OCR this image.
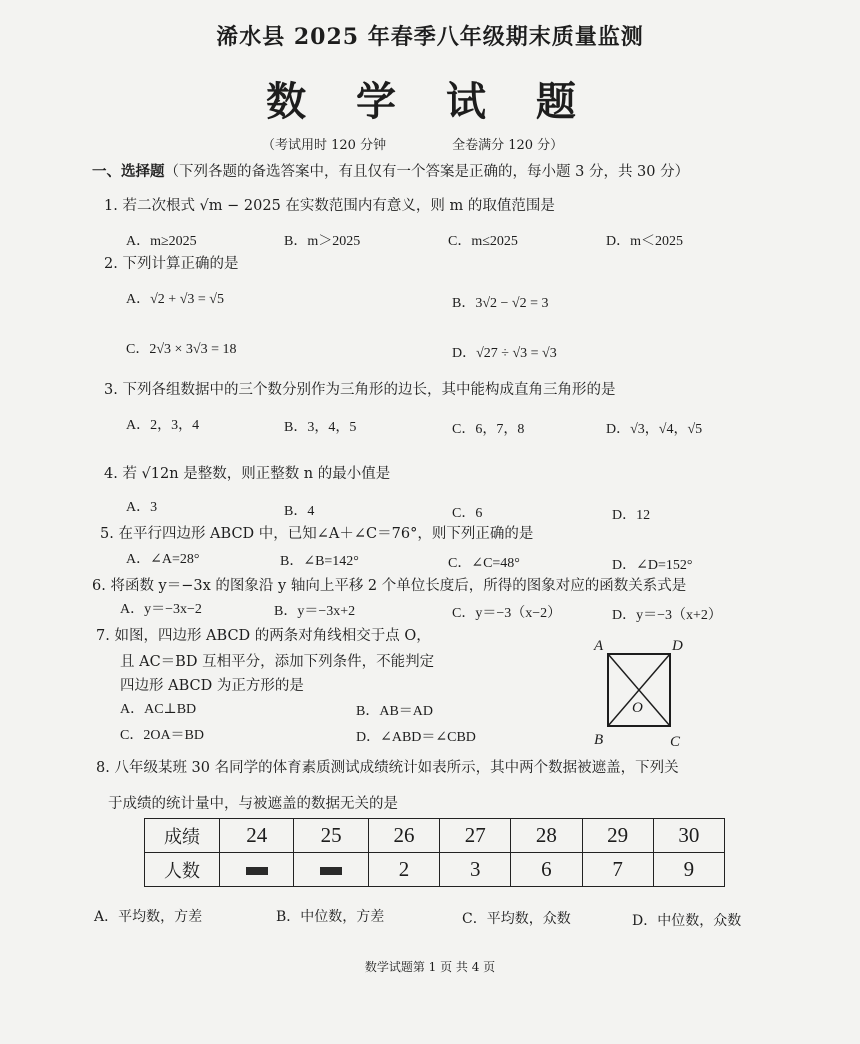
浠水县 2025 年春季八年级期末质量监测
数 学 试 题
（考试用时 120 分钟	全卷满分 120 分）
一、选择题（下列各题的备选答案中，有且仅有一个答案是正确的，每小题 3 分，共 30 分）
1. 若二次根式 √m − 2025 在实数范围内有意义，则 m 的取值范围是
A．m≥2025	B．m＞2025	C．m≤2025	D．m＜2025
2. 下列计算正确的是
A．√2 + √3 = √5	B．3√2 − √2 = 3
C．2√3 × 3√3 = 18	D．√27 ÷ √3 = √3
3. 下列各组数据中的三个数分别作为三角形的边长，其中能构成直角三角形的是
A．2，3，4	B．3，4，5	C．6，7，8	D．√3，√4，√5
4. 若 √12n 是整数，则正整数 n 的最小值是
A．3	B．4	C．6	D．12
5. 在平行四边形 ABCD 中，已知∠A＋∠C＝76°，则下列正确的是
A．∠A=28°	B．∠B=142°	C．∠C=48°	D．∠D=152°
6. 将函数 y＝−3x 的图象沿 y 轴向上平移 2 个单位长度后，所得的图象对应的函数关系式是
A．y＝−3x−2	B．y＝−3x+2	C．y＝−3（x−2）	D．y＝−3（x+2）
7. 如图，四边形 ABCD 的两条对角线相交于点 O，
且 AC＝BD 互相平分，添加下列条件，不能判定
四边形 ABCD 为正方形的是
A．AC⊥BD	B．AB＝AD
C．2OA＝BD	D．∠ABD＝∠CBD
A	D
B	C
O
8. 八年级某班 30 名同学的体育素质测试成绩统计如表所示，其中两个数据被遮盖，下列关
于成绩的统计量中，与被遮盖的数据无关的是
成绩	24	25	26	27	28	29	30
人数			2	3	6	7	9
A．平均数，方差	B．中位数，方差	C．平均数，众数	D．中位数，众数
数学试题第 1 页 共 4 页
